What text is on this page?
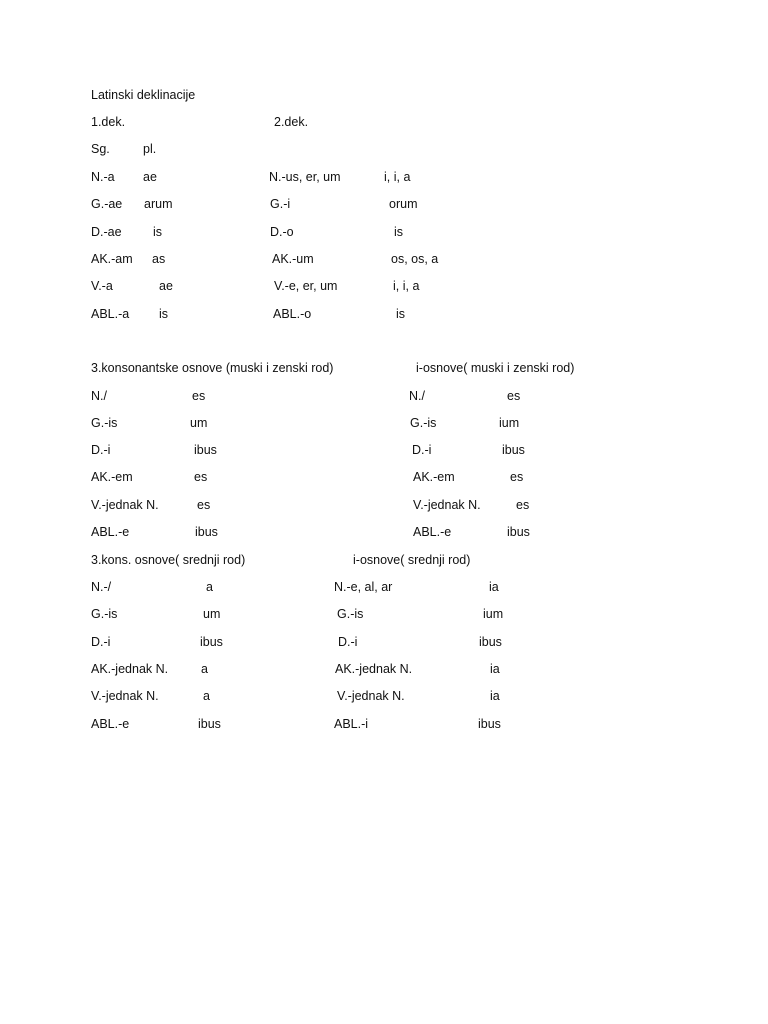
Latinski deklinacije
1.dek.	2.dek.
Sg.	pl.
N.-a ae	N.-us, er, um	i, i, a
G.-ae arum	G.-i	orum
D.-ae	is	D.-o	is
AK.-am as	AK.-um	os, os, a
V.-a	ae	V.-e, er, um	i, i, a
ABL.-a is	ABL.-o	is
3.konsonantske osnove (muski i zenski rod)	i-osnove( muski i zenski rod)
N./	es	N./	es
G.-is	um	G.-is	ium
D.-i	ibus	D.-i	ibus
AK.-em	es	AK.-em	es
V.-jednak N.	es	V.-jednak N.	es
ABL.-e	ibus	ABL.-e	ibus
3.kons. osnove( srednji rod)	i-osnove( srednji rod)
N.-/	a	N.-e, al, ar	ia
G.-is	um	G.-is	ium
D.-i	ibus	D.-i	ibus
AK.-jednak N.	a	AK.-jednak N.	ia
V.-jednak N.	a	V.-jednak N.	ia
ABL.-e	ibus	ABL.-i	ibus
